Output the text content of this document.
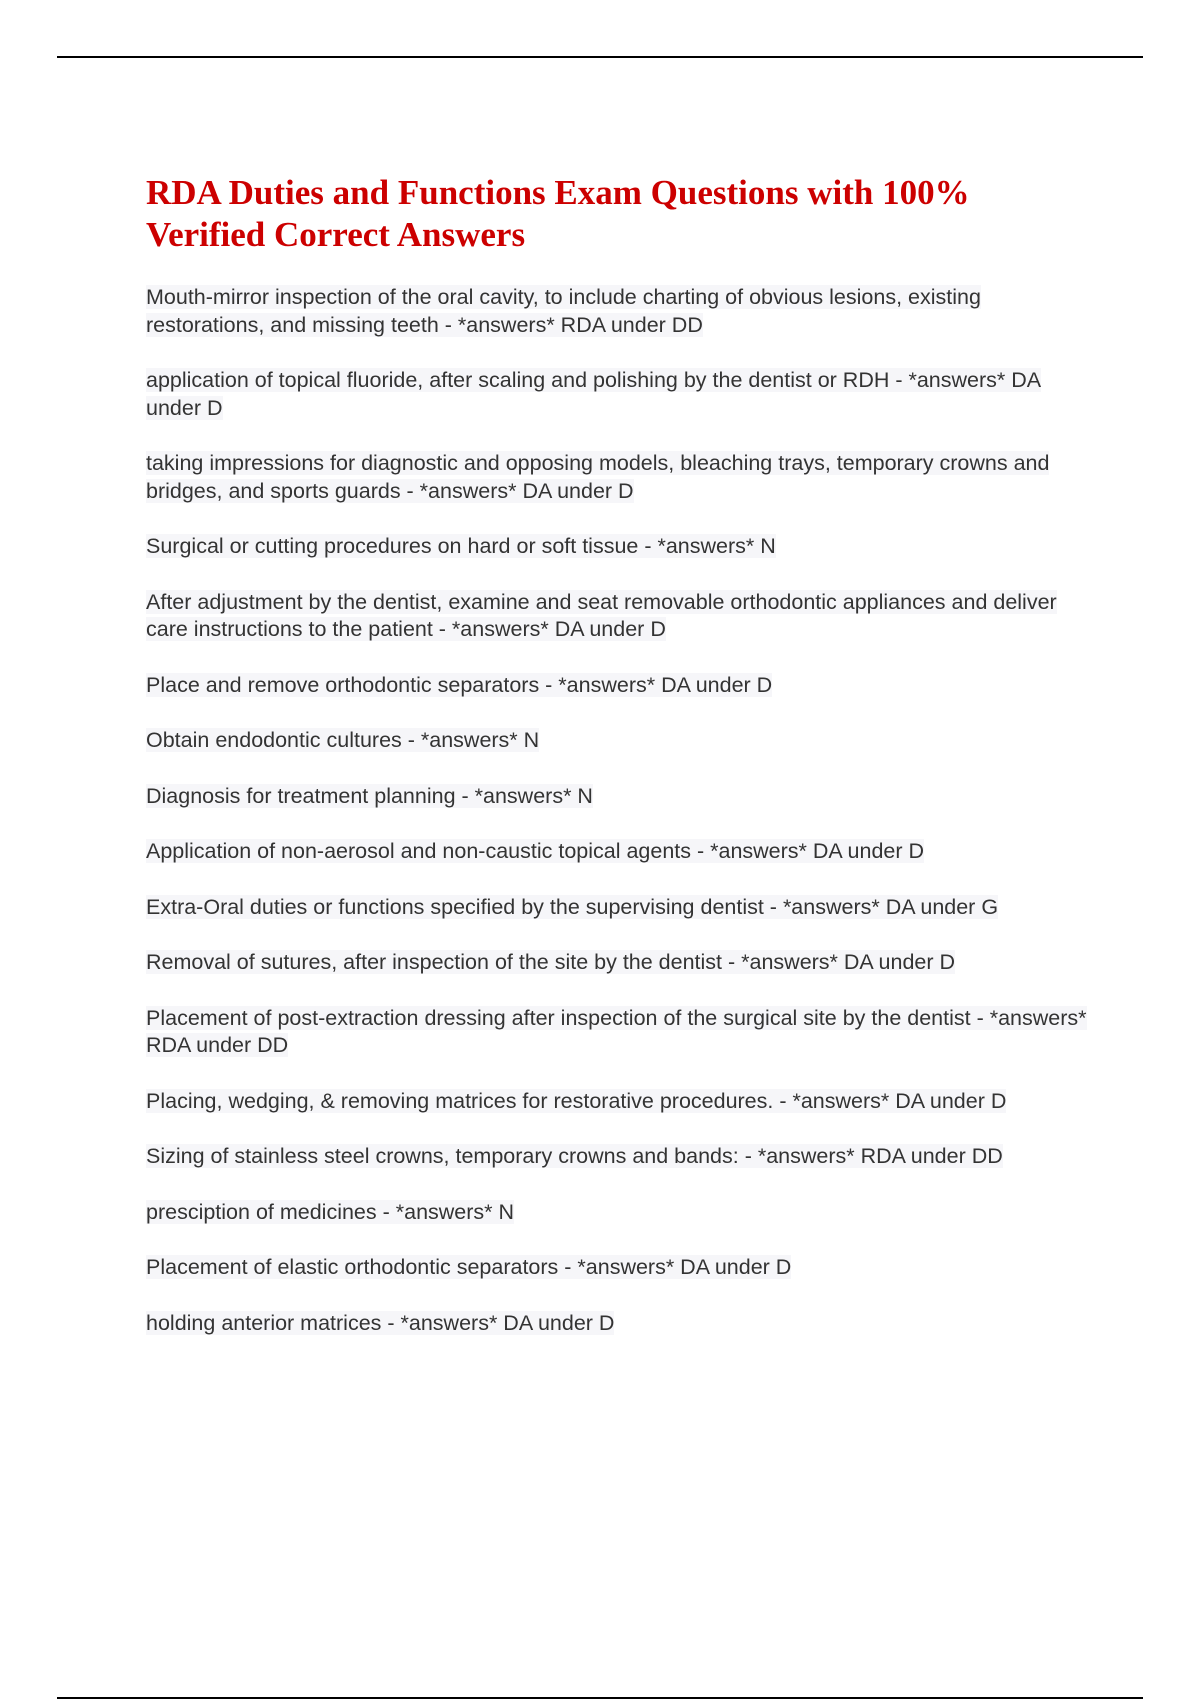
RDA Duties and Functions Exam Questions with 100% Verified Correct Answers
Mouth-mirror inspection of the oral cavity, to include charting of obvious lesions, existing restorations, and missing teeth - *answers* RDA under DD
application of topical fluoride, after scaling and polishing by the dentist or RDH - *answers* DA under D
taking impressions for diagnostic and opposing models, bleaching trays, temporary crowns and bridges, and sports guards - *answers* DA under D
Surgical or cutting procedures on hard or soft tissue - *answers* N
After adjustment by the dentist, examine and seat removable orthodontic appliances and deliver care instructions to the patient - *answers* DA under D
Place and remove orthodontic separators - *answers* DA under D
Obtain endodontic cultures - *answers* N
Diagnosis for treatment planning - *answers* N
Application of non-aerosol and non-caustic topical agents - *answers* DA under D
Extra-Oral duties or functions specified by the supervising dentist - *answers* DA under G
Removal of sutures, after inspection of the site by the dentist - *answers* DA under D
Placement of post-extraction dressing after inspection of the surgical site by the dentist - *answers* RDA under DD
Placing, wedging, & removing matrices for restorative procedures. - *answers* DA under D
Sizing of stainless steel crowns, temporary crowns and bands: - *answers* RDA under DD
presciption of medicines - *answers* N
Placement of elastic orthodontic separators - *answers* DA under D
holding anterior matrices - *answers* DA under D
